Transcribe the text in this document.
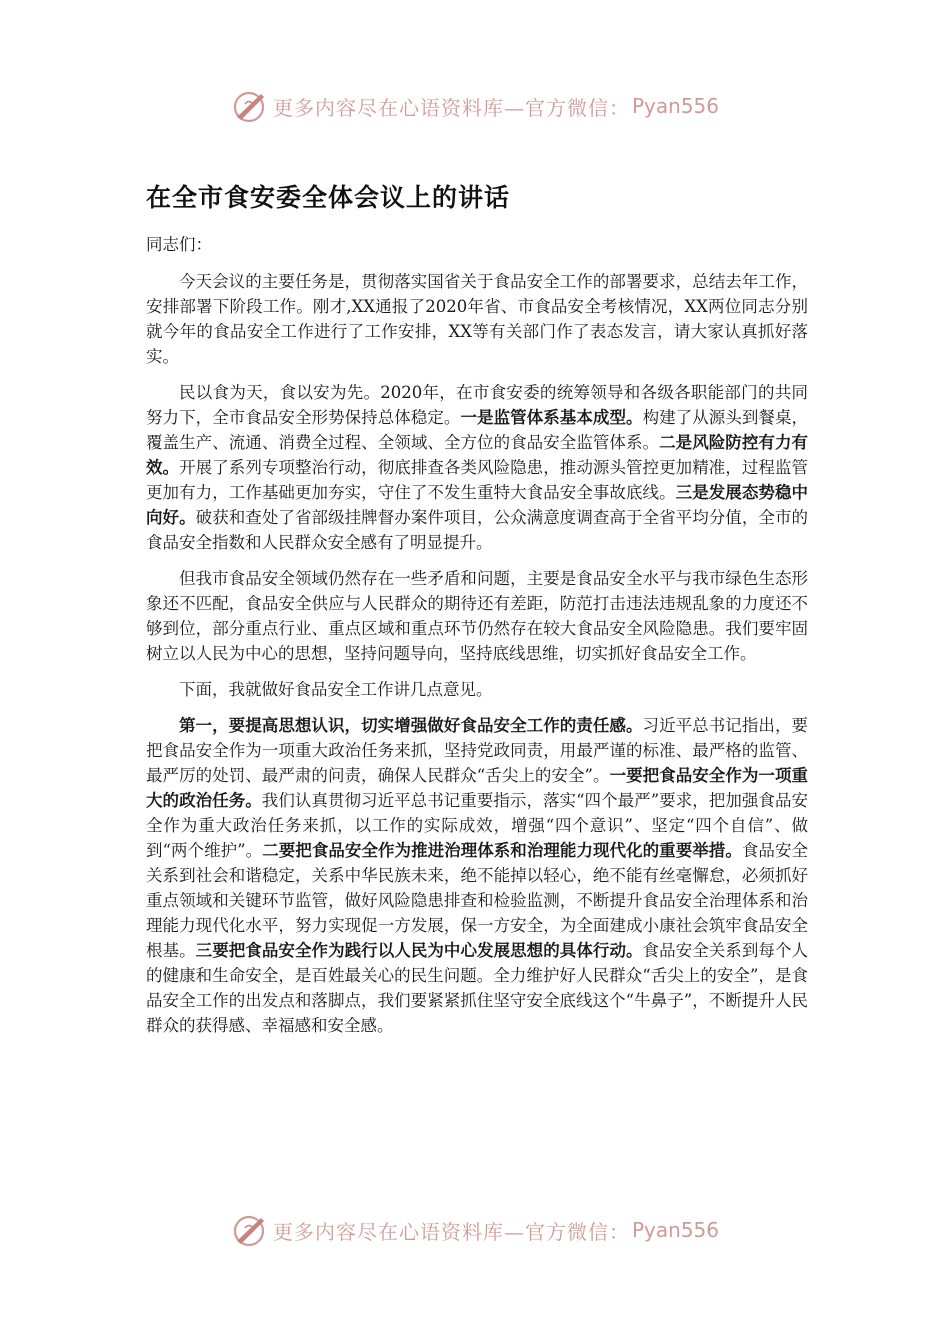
更多内容尽在心语资料库—官方微信： Pyan556
在全市食安委全体会议上的讲话

同志们：

今天会议的主要任务是，贯彻落实国省关于食品安全工作的部署要求，总结去年工作，安排部署下阶段工作。刚才,XX通报了2020年省、市食品安全考核情况，XX两位同志分别就今年的食品安全工作进行了工作安排，XX等有关部门作了表态发言，请大家认真抓好落实。

民以食为天，食以安为先。2020年，在市食安委的统筹领导和各级各职能部门的共同努力下，全市食品安全形势保持总体稳定。一是监管体系基本成型。构建了从源头到餐桌，覆盖生产、流通、消费全过程、全领域、全方位的食品安全监管体系。二是风险防控有力有效。开展了系列专项整治行动，彻底排查各类风险隐患，推动源头管控更加精准，过程监管更加有力，工作基础更加夯实，守住了不发生重特大食品安全事故底线。三是发展态势稳中向好。破获和查处了省部级挂牌督办案件项目，公众满意度调查高于全省平均分值，全市的食品安全指数和人民群众安全感有了明显提升。

但我市食品安全领域仍然存在一些矛盾和问题，主要是食品安全水平与我市绿色生态形象还不匹配，食品安全供应与人民群众的期待还有差距，防范打击违法违规乱象的力度还不够到位，部分重点行业、重点区域和重点环节仍然存在较大食品安全风险隐患。我们要牢固树立以人民为中心的思想，坚持问题导向，坚持底线思维，切实抓好食品安全工作。

下面，我就做好食品安全工作讲几点意见。

第一，要提高思想认识，切实增强做好食品安全工作的责任感。习近平总书记指出，要把食品安全作为一项重大政治任务来抓，坚持党政同责，用最严谨的标准、最严格的监管、最严厉的处罚、最严肃的问责，确保人民群众“舌尖上的安全”。一要把食品安全作为一项重大的政治任务。我们认真贯彻习近平总书记重要指示，落实“四个最严”要求，把加强食品安全作为重大政治任务来抓，以工作的实际成效，增强“四个意识”、坚定“四个自信”、做到“两个维护”。二要把食品安全作为推进治理体系和治理能力现代化的重要举措。食品安全关系到社会和谐稳定，关系中华民族未来，绝不能掉以轻心，绝不能有丝毫懈怠，必须抓好重点领域和关键环节监管，做好风险隐患排查和检验监测，不断提升食品安全治理体系和治理能力现代化水平，努力实现促一方发展，保一方安全，为全面建成小康社会筑牢食品安全根基。三要把食品安全作为践行以人民为中心发展思想的具体行动。食品安全关系到每个人的健康和生命安全，是百姓最关心的民生问题。全力维护好人民群众“舌尖上的安全”，是食品安全工作的出发点和落脚点，我们要紧紧抓住坚守安全底线这个“牛鼻子”，不断提升人民群众的获得感、幸福感和安全感。

更多内容尽在心语资料库—官方微信： Pyan556
